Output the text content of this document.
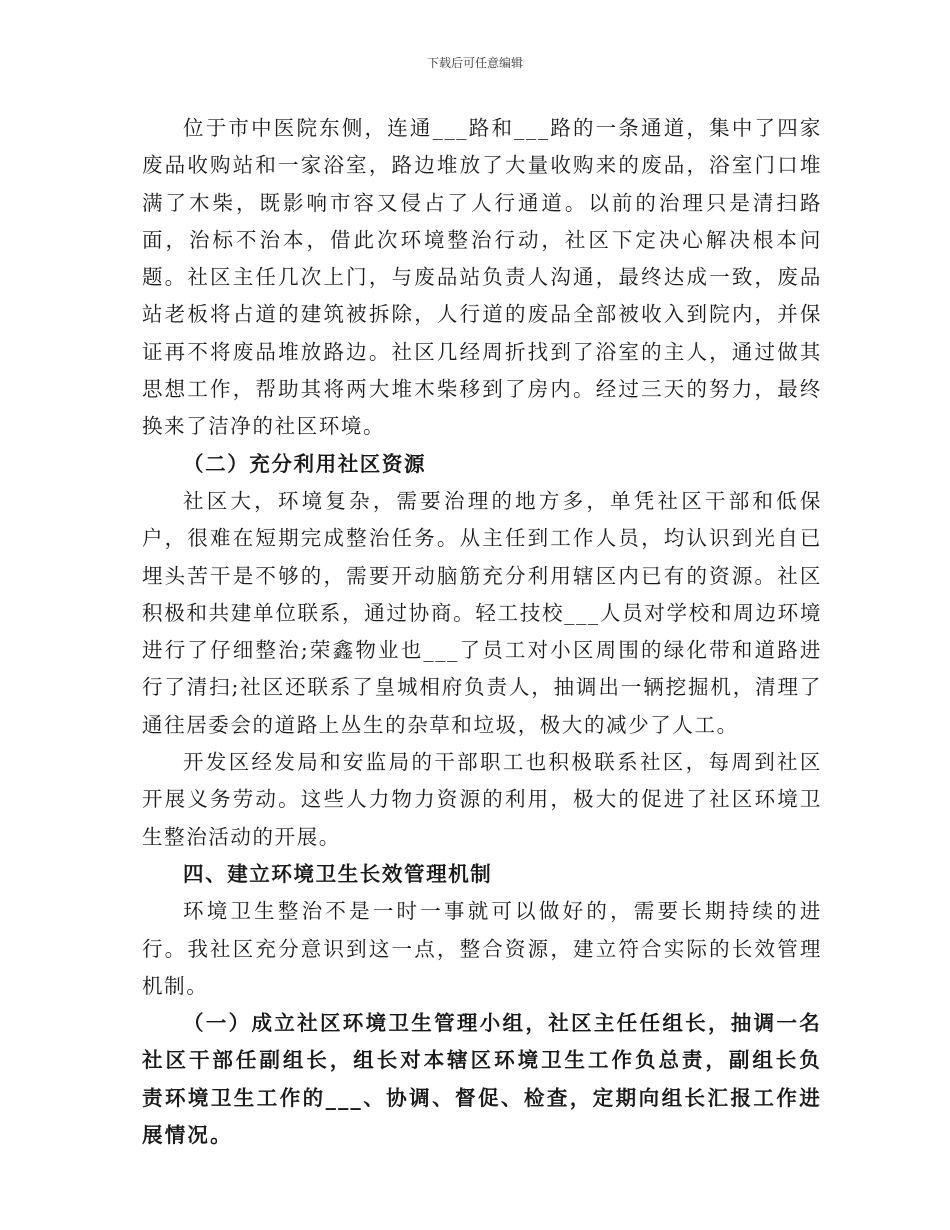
下载后可任意编辑

位于市中医院东侧，连通___路和___路的一条通道，集中了四家废品收购站和一家浴室，路边堆放了大量收购来的废品，浴室门口堆满了木柴，既影响市容又侵占了人行通道。以前的治理只是清扫路面，治标不治本，借此次环境整治行动，社区下定决心解决根本问题。社区主任几次上门，与废品站负责人沟通，最终达成一致，废品站老板将占道的建筑被拆除，人行道的废品全部被收入到院内，并保证再不将废品堆放路边。社区几经周折找到了浴室的主人，通过做其思想工作，帮助其将两大堆木柴移到了房内。经过三天的努力，最终换来了洁净的社区环境。

（二）充分利用社区资源

社区大，环境复杂，需要治理的地方多，单凭社区干部和低保户，很难在短期完成整治任务。从主任到工作人员，均认识到光自已埋头苦干是不够的，需要开动脑筋充分利用辖区内已有的资源。社区积极和共建单位联系，通过协商。轻工技校___人员对学校和周边环境进行了仔细整治;荣鑫物业也___了员工对小区周围的绿化带和道路进行了清扫;社区还联系了皇城相府负责人，抽调出一辆挖掘机，清理了通往居委会的道路上丛生的杂草和垃圾，极大的减少了人工。

开发区经发局和安监局的干部职工也积极联系社区，每周到社区开展义务劳动。这些人力物力资源的利用，极大的促进了社区环境卫生整治活动的开展。

四、建立环境卫生长效管理机制

环境卫生整治不是一时一事就可以做好的，需要长期持续的进行。我社区充分意识到这一点，整合资源，建立符合实际的长效管理机制。

（一）成立社区环境卫生管理小组，社区主任任组长，抽调一名社区干部任副组长，组长对本辖区环境卫生工作负总责，副组长负责环境卫生工作的___、协调、督促、检查，定期向组长汇报工作进展情况。
